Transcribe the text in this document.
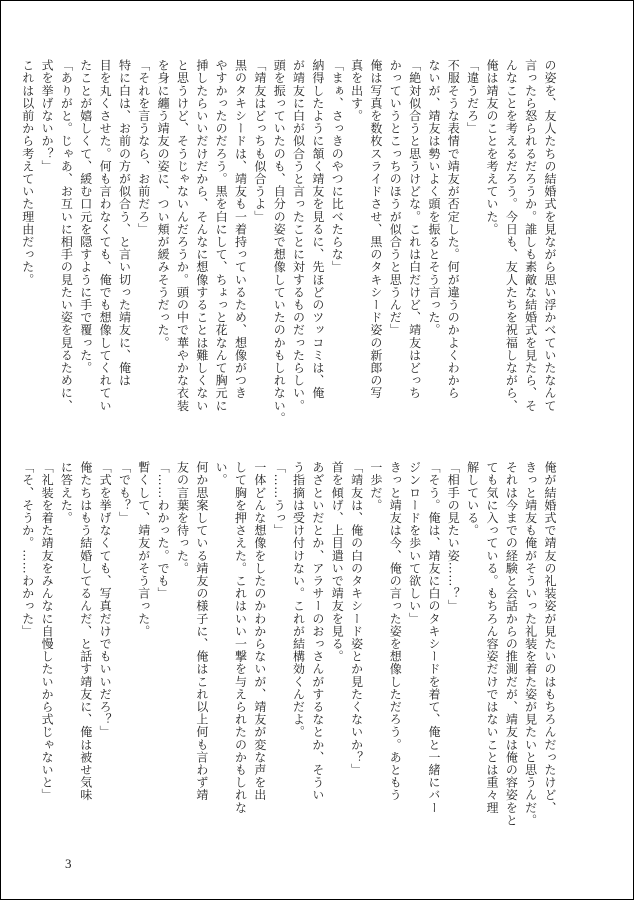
の姿を、友人たちの結婚式を見ながら思い浮かべていたなんて

言ったら怒られるだろうか。誰しも素敵な結婚式を見たら、そ

んなことを考えるだろう。今日も、友人たちを祝福しながら、

俺は靖友のことを考えていた。

「違うだろ」

不服そうな表情で靖友が否定した。何が違うのかよくわから

ないが、靖友は勢いよく頭を振るとそう言った。

「絶対似合うと思うけどな。これは白だけど、靖友はどっち

かっていうとこっちのほうが似合うと思うんだ」

俺は写真を数枚スライドさせ、黒のタキシード姿の新郎の写

真を出す。

「まぁ、さっきのやつに比べたらな」

納得したように頷く靖友を見るに、先ほどのツッコミは、俺

が靖友に白が似合うと言ったことに対するものだったらしい。

頭を振っていたのも、自分の姿で想像していたのかもしれない。

「靖友はどっちも似合うよ」

黒のタキシードは、靖友も一着持っているため、想像がつき

やすかったのだろう。黒を白にして、ちょっと花なんて胸元に

挿したらいいだけだから、そんなに想像することは難しくない

と思うけど、そうじゃないんだろうか。頭の中で華やかな衣装

を身に纏う靖友の姿に、つい頬が緩みそうだった。

「それを言うなら、お前だろ」

特に白は、お前の方が似合う、と言い切った靖友に、俺は

目を丸くさせた。何も言わなくても、俺でも想像してくれてい

たことが嬉しくて、緩む口元を隠すように手で覆った。

「ありがと。じゃあ、お互いに相手の見たい姿を見るために、

式を挙げないか？」

これは以前から考えていた理由だった。

俺が結婚式で靖友の礼装姿が見たいのはもちろんだったけど、

きっと靖友も俺がそういった礼装を着た姿が見たいと思うんだ。

それは今までの経験と会話からの推測だが、靖友は俺の容姿をと

ても気に入っている。もちろん容姿だけではないことは重々理

解している。

「相手の見たい姿……？」

「そう。俺は、靖友に白のタキシードを着て、俺と一緒にバー

ジンロードを歩いて欲しい」

きっと靖友は今、俺の言った姿を想像しただろう。あともう

一歩だ。

「靖友は、俺の白のタキシード姿とか見たくないか？」

首を傾げ、上目遣いで靖友を見る。

あざといだとか、アラサーのおっさんがするなとか、そうい

う指摘は受け付けない。これが結構効くんだよ。

「……うっ」

一体どんな想像をしたのかわからないが、靖友が変な声を出

して胸を押さえた。これはいい一撃を与えられたのかもしれな

い。

何か思案している靖友の様子に、俺はこれ以上何も言わず靖

友の言葉を待った。

「……わかった。でも」

暫くして、靖友がそう言った。

「でも？」

「式を挙げなくても、写真だけでもいいだろ？」

俺たちはもう結婚してるんだ、と話す靖友に、俺は被せ気味

に答えた。

「礼装を着た靖友をみんなに自慢したいから式じゃないと」

「そ、そうか。……わかった」

3
